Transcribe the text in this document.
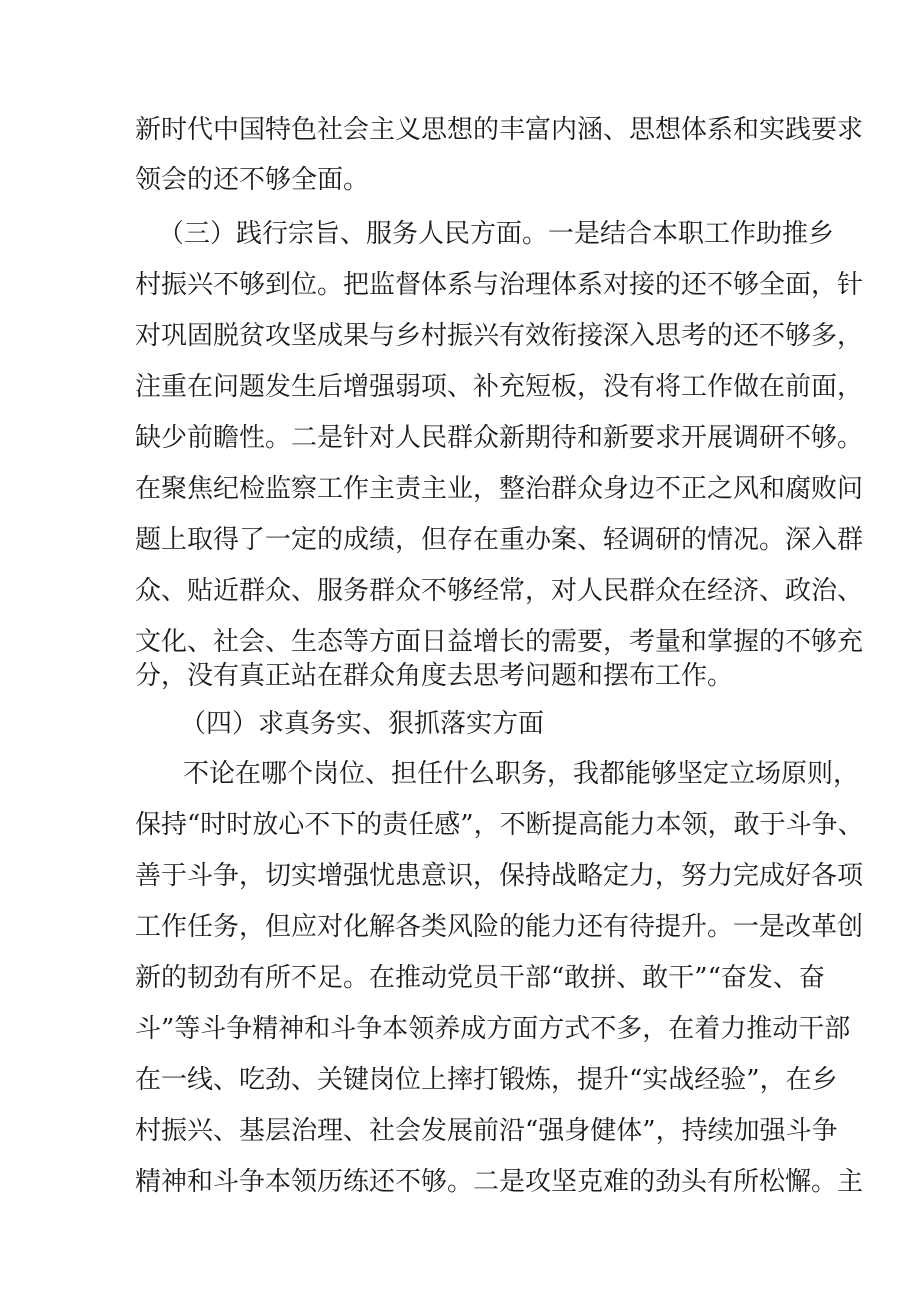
新时代中国特色社会主义思想的丰富内涵、思想体系和实践要求
领会的还不够全面。
（三）践行宗旨、服务人民方面。一是结合本职工作助推乡
村振兴不够到位。把监督体系与治理体系对接的还不够全面，针
对巩固脱贫攻坚成果与乡村振兴有效衔接深入思考的还不够多，
注重在问题发生后增强弱项、补充短板，没有将工作做在前面，
缺少前瞻性。二是针对人民群众新期待和新要求开展调研不够。
在聚焦纪检监察工作主责主业，整治群众身边不正之风和腐败问
题上取得了一定的成绩，但存在重办案、轻调研的情况。深入群
众、贴近群众、服务群众不够经常，对人民群众在经济、政治、
文化、社会、生态等方面日益增长的需要，考量和掌握的不够充
分，没有真正站在群众角度去思考问题和摆布工作。
（四）求真务实、狠抓落实方面
不论在哪个岗位、担任什么职务，我都能够坚定立场原则，
保持“时时放心不下的责任感”，不断提高能力本领，敢于斗争、
善于斗争，切实增强忧患意识，保持战略定力，努力完成好各项
工作任务，但应对化解各类风险的能力还有待提升。一是改革创
新的韧劲有所不足。在推动党员干部“敢拼、敢干”“奋发、奋
斗”等斗争精神和斗争本领养成方面方式不多，在着力推动干部
在一线、吃劲、关键岗位上摔打锻炼，提升“实战经验”，在乡
村振兴、基层治理、社会发展前沿“强身健体”，持续加强斗争
精神和斗争本领历练还不够。二是攻坚克难的劲头有所松懈。主
